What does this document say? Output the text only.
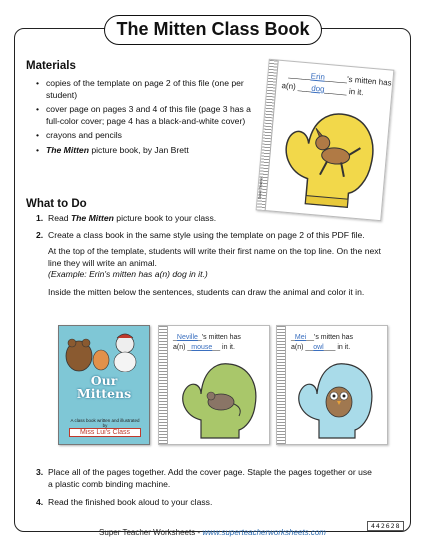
The Mitten Class Book
Materials
• copies of the template on page 2 of this file (one per student)
• cover page on pages 3 and 4 of this file (page 3 has a full-color cover; page 4 has a black-and-white cover)
• crayons and pencils
• The Mitten picture book, by Jan Brett
_____Erin_____'s mitten has
a(n) ___dog_____ in it.
Super Teacher
What to Do
1. Read The Mitten picture book to your class.
2. Create a class book in the same style using the template on page 2 of this PDF file.
At the top of the template, students will write their first name on the top line. On the next line they will write an animal.
(Example: Erin's mitten has a(n) dog in it.)
Inside the mitten below the sentences, students can draw the animal and color it in.
Our Mittens
A class book written and illustrated by
Miss Lui's Class
_Neville_'s mitten has
a(n) _mouse__ in it.
_Mei__'s mitten has
a(n) __owl___ in it.
3. Place all of the pages together. Add the cover page. Staple the pages together or use a plastic comb binding machine.
4. Read the finished book aloud to your class.
442628
Super Teacher Worksheets - www.superteacherworksheets.com
